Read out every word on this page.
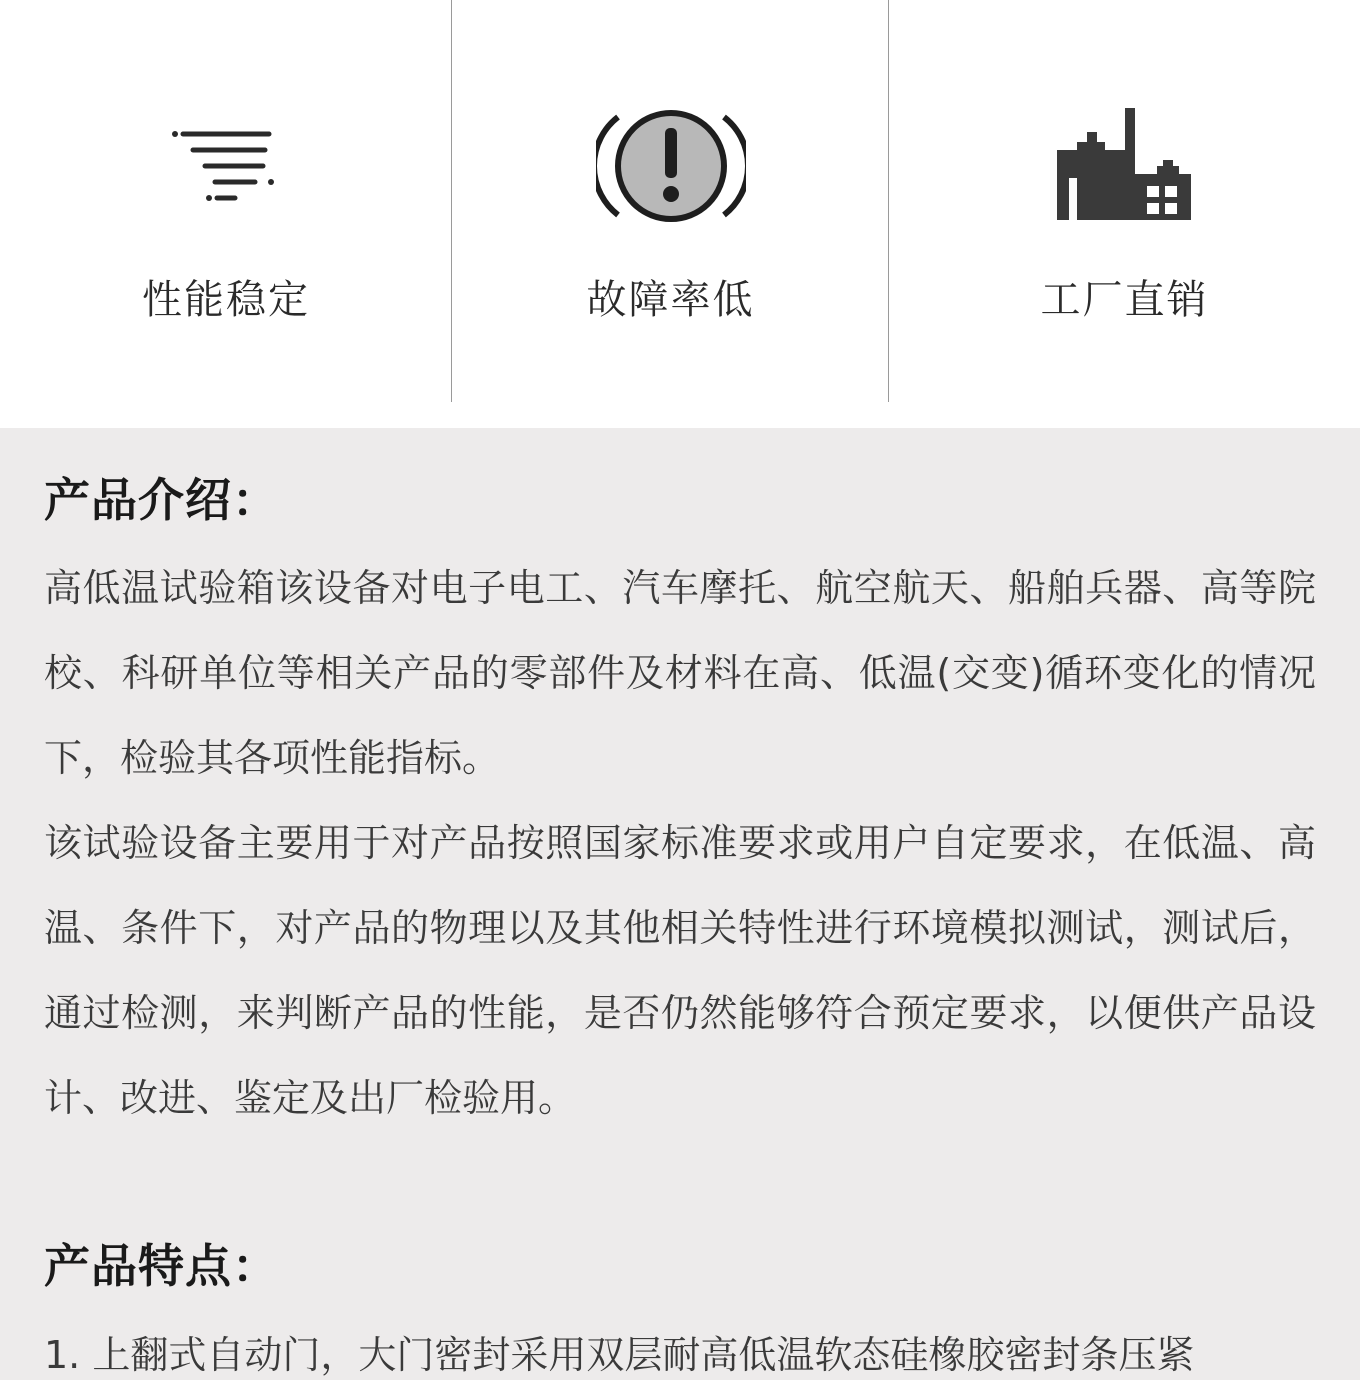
性能稳定	故障率低	工厂直销
产品介绍：

高低温试验箱该设备对电子电工、汽车摩托、航空航天、船舶兵器、高等院校、科研单位等相关产品的零部件及材料在高、低温(交变)循环变化的情况下，检验其各项性能指标。

该试验设备主要用于对产品按照国家标准要求或用户自定要求，在低温、高温、条件下，对产品的物理以及其他相关特性进行环境模拟测试，测试后，通过检测，来判断产品的性能，是否仍然能够符合预定要求，以便供产品设计、改进、鉴定及出厂检验用。

产品特点：

1. 上翻式自动门，大门密封采用双层耐高低温软态硅橡胶密封条压紧
